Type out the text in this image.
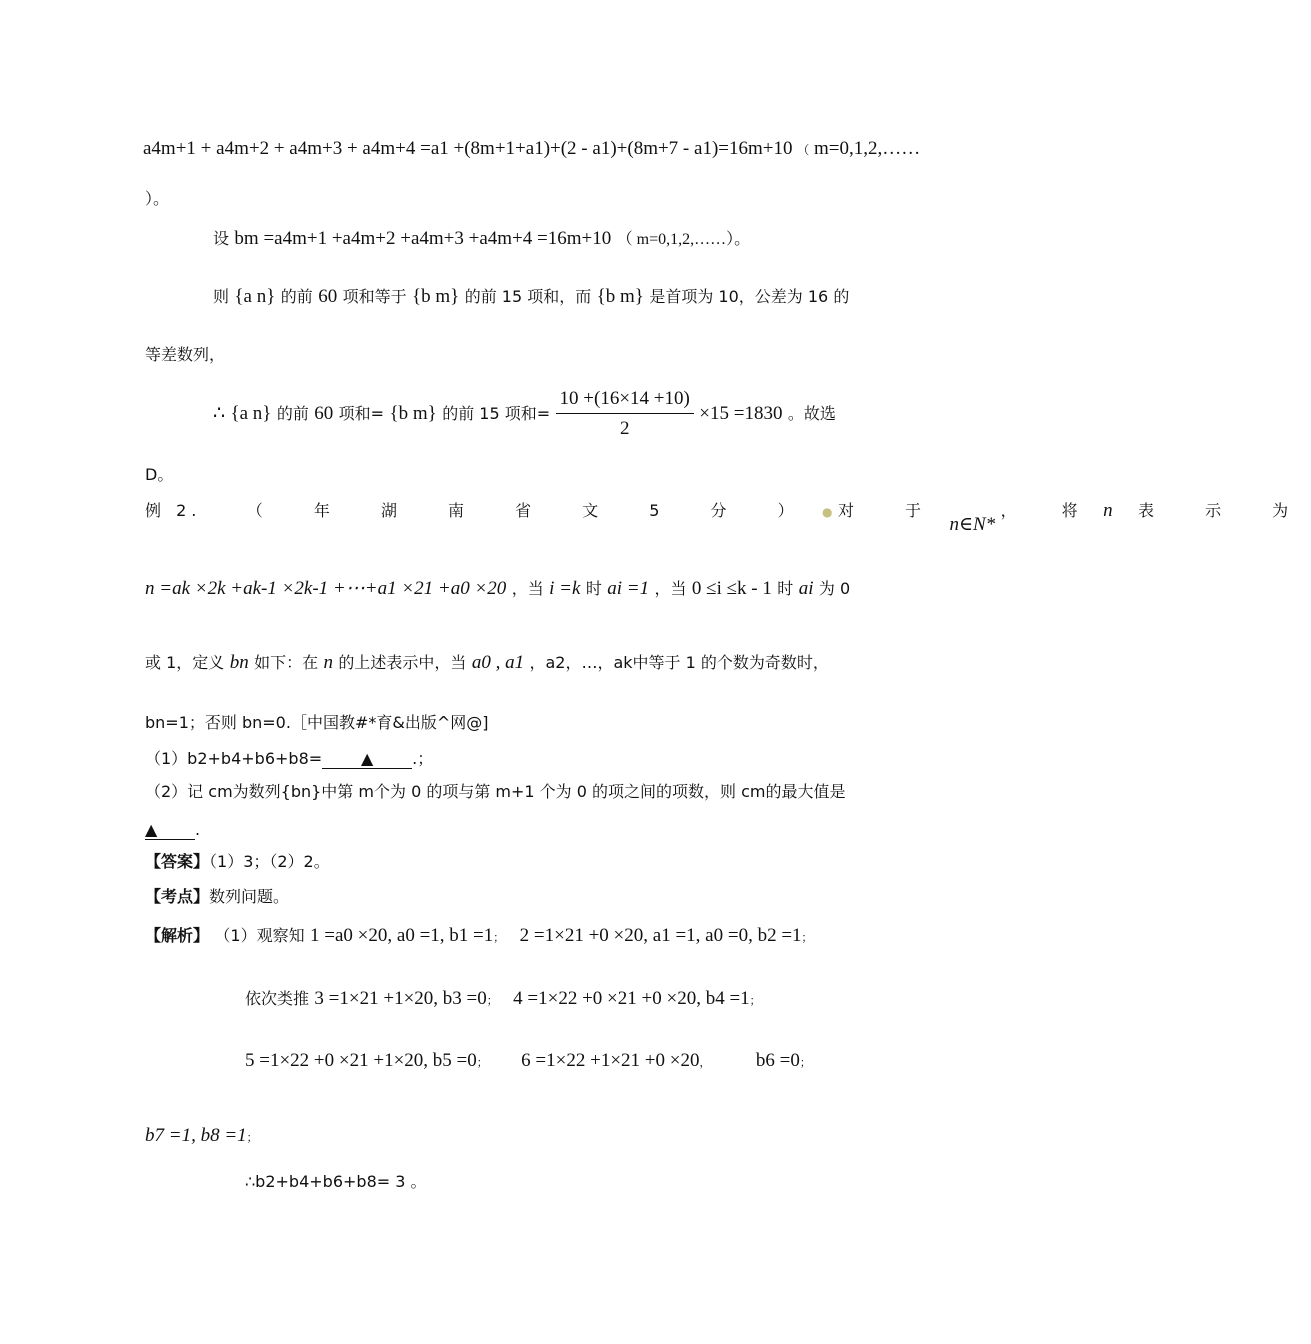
a4m+1 + a4m+2 + a4m+3 + a4m+4 =a1 +(8m+1+a1)+(2 - a1)+(8m+7 - a1)=16m+10 （ m=0,1,2,……
）。
设 bm =a4m+1 +a4m+2 +a4m+3 +a4m+4 =16m+10 （ m=0,1,2,……）。
则 {a n} 的前 60 项和等于 {b m} 的前 15 项和，而 {b m} 是首项为 10，公差为 16 的
等差数列，
∴ {a n} 的前 60 项和= {b m} 的前 15 项和= $\frac{10 +(16\times 14 +10)}{2} \times 15 =1830$ 。故选
D。
例 2.	（ 年 湖 南 省 文 5 分 ） ● 对 于 n∈N* ， 将 n 表 示 为
n =ak ×2k +ak-1 ×2k-1 +⋯+a1 ×21 +a0 ×20 ，当 i =k 时 ai =1 ，当 0 ≤i ≤k - 1 时 ai 为 0
或 1，定义 bn 如下：在 n 的上述表示中，当 a0 , a1 ，a2，…，ak中等于 1 的个数为奇数时，
bn=1；否则 bn=0.［中国教#*育&出版^网@]
（1）b2+b4+b6+b8= ▲ .；
（2）记 cm为数列{bn}中第 m个为 0 的项与第 m+1 个为 0 的项之间的项数，则 cm的最大值是
▲ .
【答案】（1）3；（2）2。
【考点】数列问题。
【解析】 （1）观察知 1 =a0 ×20, a0 =1, b1 =1； 2 =1×21 +0 ×20, a1 =1, a0 =0, b2 =1；
依次类推 3 =1×21 +1×20, b3 =0； 4 =1×22 +0 ×21 +0 ×20, b4 =1；
5 =1×22 +0 ×21 +1×20, b5 =0； 6 =1×22 +1×21 +0 ×20， b6 =0；
b7 =1, b8 =1；
∴b2+b4+b6+b8= 3 。
